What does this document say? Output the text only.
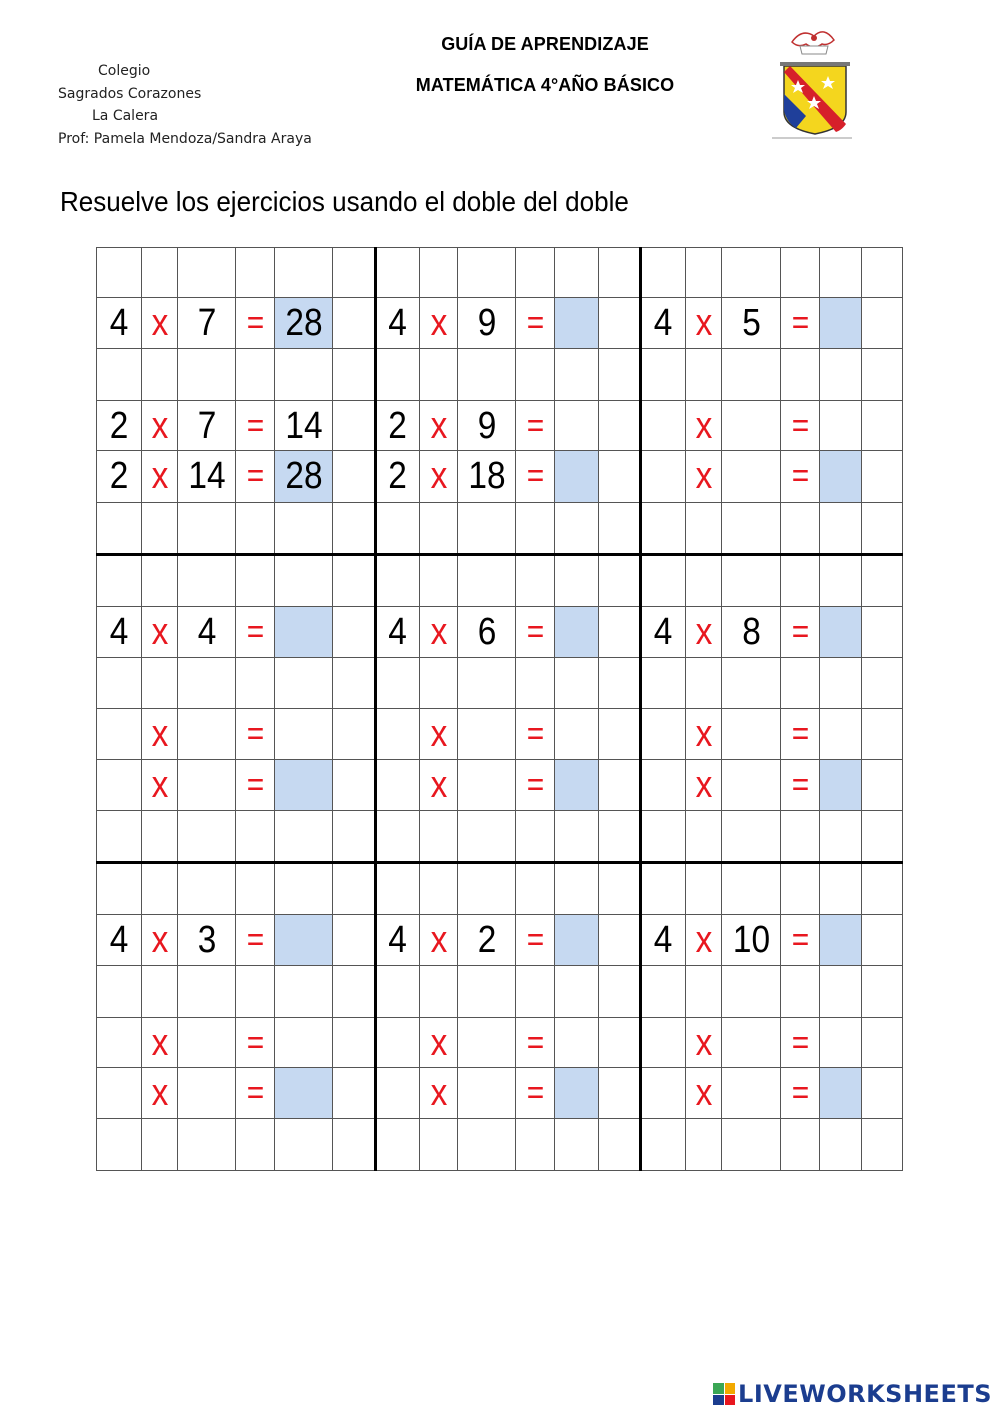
Colegio
Sagrados Corazones
La Calera
Prof: Pamela Mendoza/Sandra Araya
GUÍA DE APRENDIZAJE
MATEMÁTICA 4°AÑO BÁSICO
Resuelve los ejercicios usando el doble del doble
4 x 7 = 28
2 x 7 = 14
2 x 14 = 28
4 x 9 =
2 x 9 =
2 x 18 =
4 x 5 =
x =
x =
4 x 4 =
x =
x =
4 x 6 =
x =
x =
4 x 8 =
x =
x =
4 x 3 =
x =
x =
4 x 2 =
x =
x =
4 x 10 =
x =
x =
LIVEWORKSHEETS
